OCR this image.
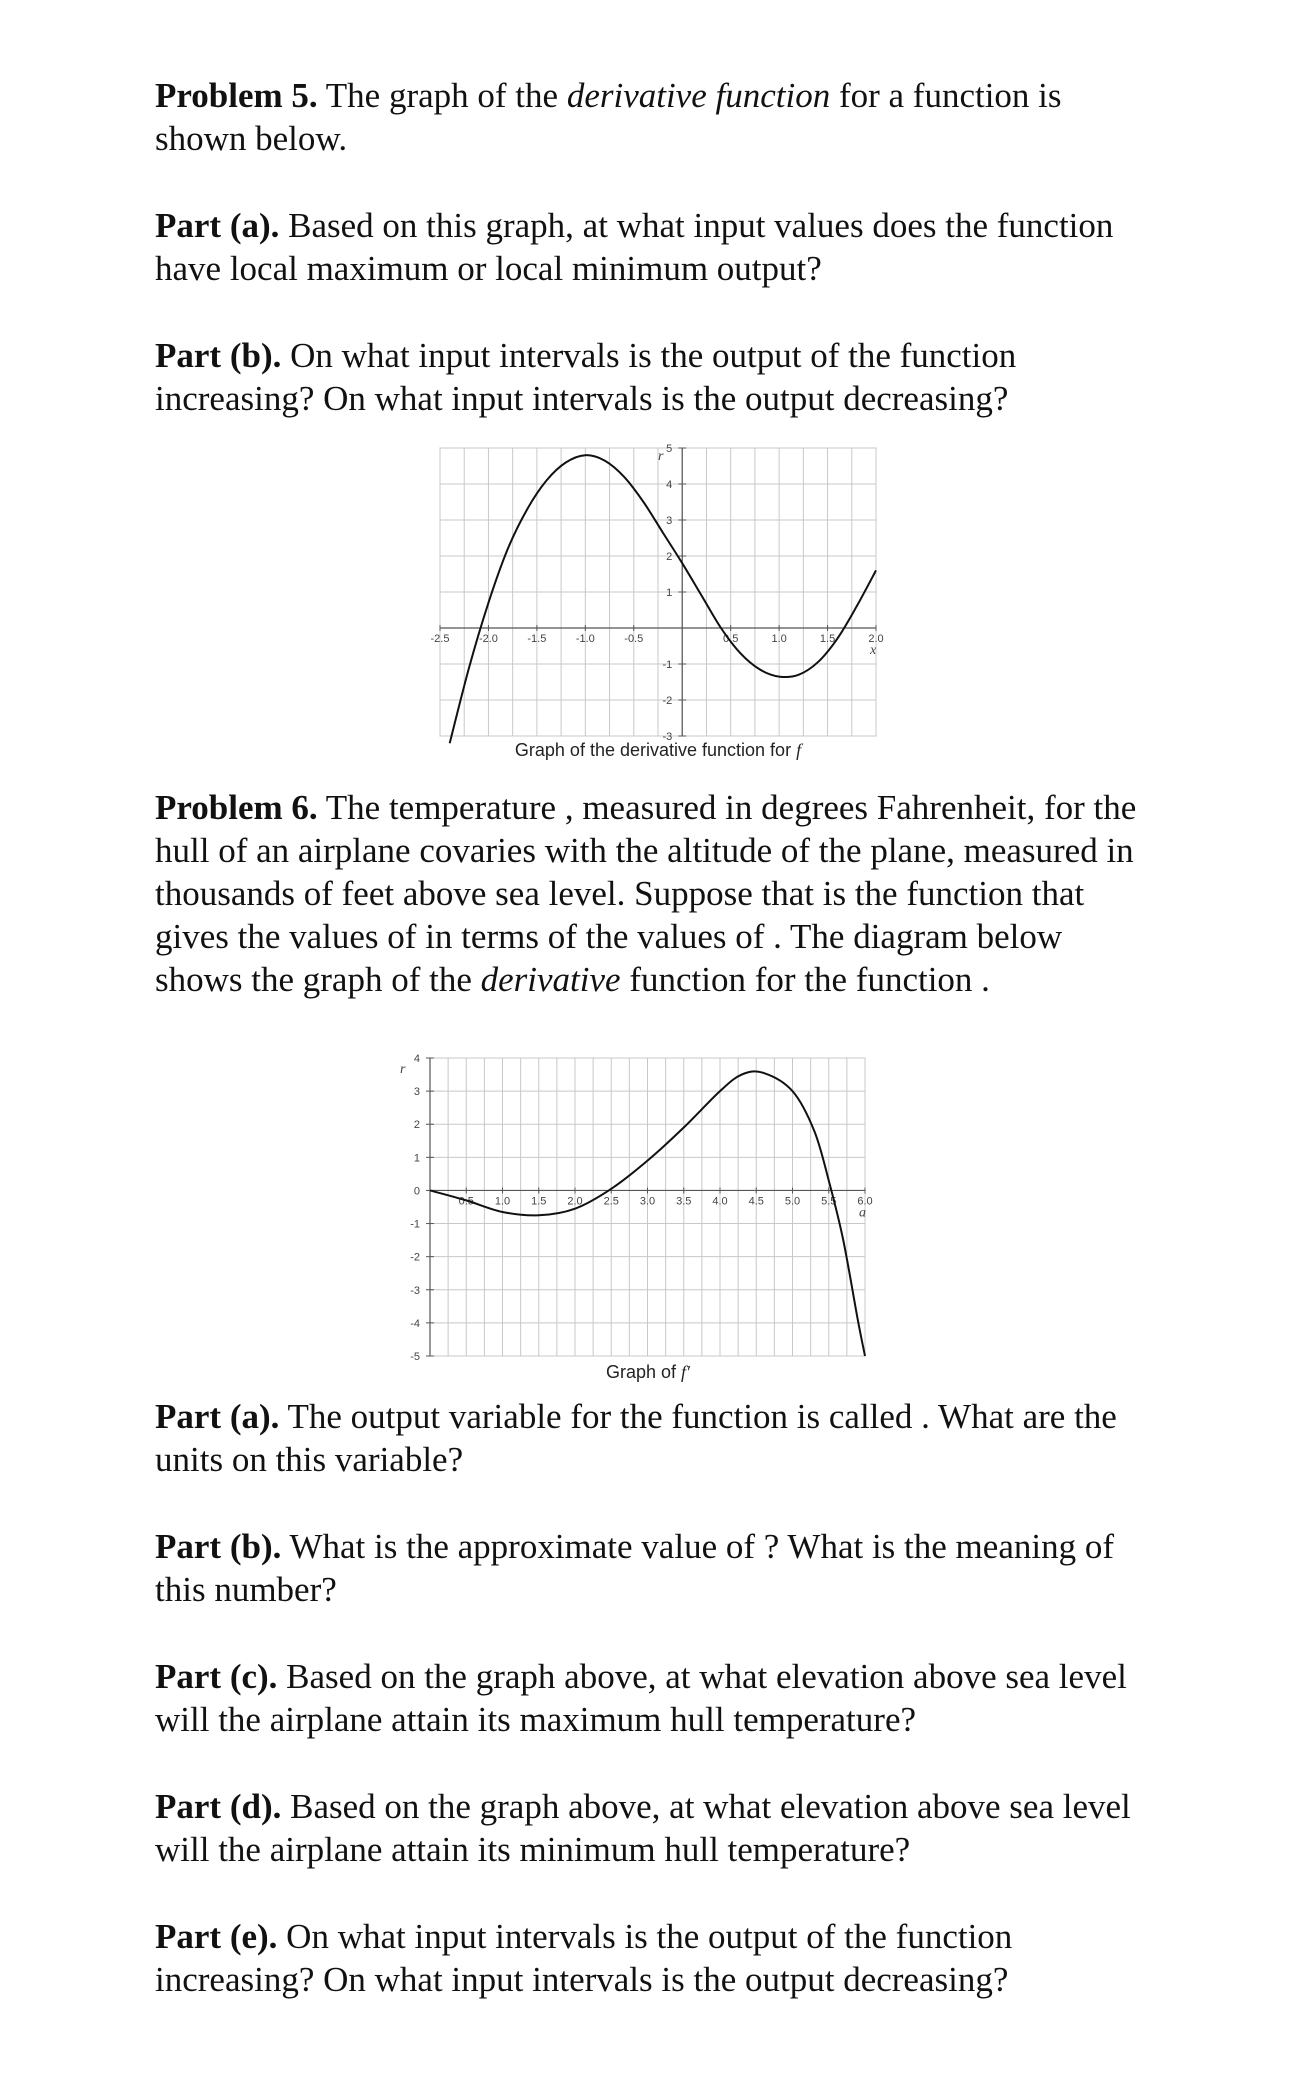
Problem 5. The graph of the derivative function for a function is shown below.

Part (a). Based on this graph, at what input values does the function have local maximum or local minimum output?

Part (b). On what input intervals is the output of the function increasing? On what input intervals is the output decreasing?

-2.5	-2.0	-1.5	-1.0	-0.5	0.5	1.0	1.5	2.0
-3
-2
-1
1
2
3
4
5
r
x
Graph of the derivative function for f

Problem 6. The temperature , measured in degrees Fahrenheit, for the hull of an airplane covaries with the altitude of the plane, measured in thousands of feet above sea level. Suppose that is the function that gives the values of in terms of the values of . The diagram below shows the graph of the derivative function for the function .

0.5 1.0 1.5 2.0 2.5 3.0 3.5 4.0 4.5 5.0 5.5 6.0
-5
-4
-3
-2
-1
0
1
2
3
4
r
a
Graph of f′

Part (a). The output variable for the function is called . What are the units on this variable?

Part (b). What is the approximate value of ? What is the meaning of this number?

Part (c). Based on the graph above, at what elevation above sea level will the airplane attain its maximum hull temperature?

Part (d). Based on the graph above, at what elevation above sea level will the airplane attain its minimum hull temperature?

Part (e). On what input intervals is the output of the function increasing? On what input intervals is the output decreasing?
